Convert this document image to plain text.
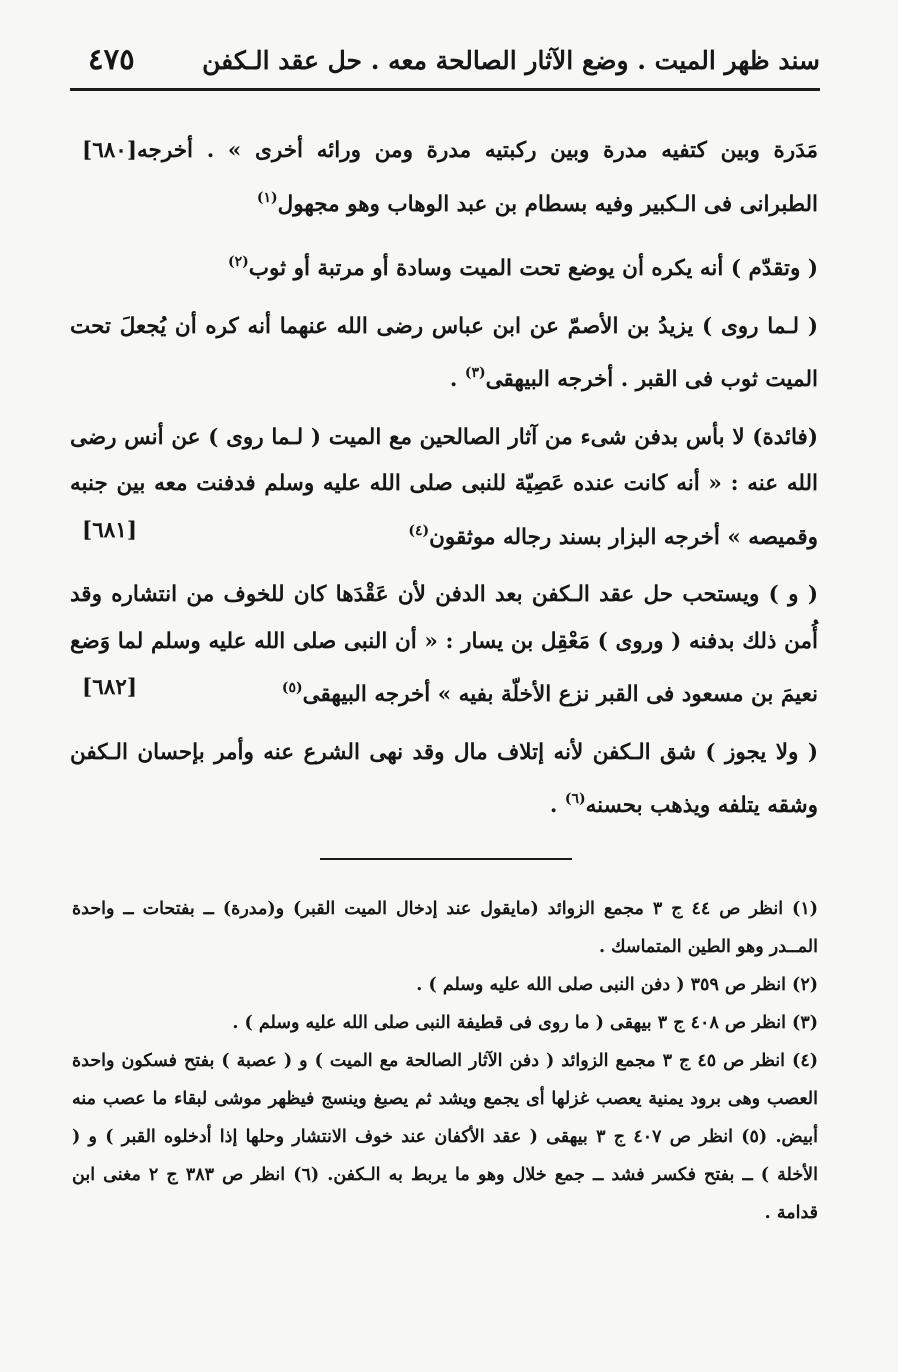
سند ظهر الميت . وضع الآثار الصالحة معه . حل عقد الـكفن
٤٧٥

[٦٨٠] مَدَرة وبين كتفيه مدرة وبين ركبتيه مدرة ومن ورائه أخرى » . أخرجه الطبرانى فى الـكبير وفيه بسطام بن عبد الوهاب وهو مجهول$^{(١)}$

( وتقدّم ) أنه يكره أن يوضع تحت الميت وسادة أو مرتبة أو ثوب$^{(٢)}$

( لـما روى ) يزيدُ بن الأصمّ عن ابن عباس رضى الله عنهما أنه كره أن يُجعلَ تحت الميت ثوب فى القبر . أخرجه البيهقى$^{(٣)}$ .

(فائدة) لا بأس بدفن شىء من آثار الصالحين مع الميت ( لـما روى ) عن أنس رضى الله عنه : « أنه كانت عنده عَصِيّة للنبى صلى الله عليه وسلم فدفنت معه بين جنبه وقميصه » أخرجه البزار بسند رجاله موثقون$^{(٤)}$
[٦٨١]

( و ) ويستحب حل عقد الـكفن بعد الدفن لأن عَقْدَها كان للخوف من انتشاره وقد أُمن ذلك بدفنه ( وروى ) مَعْقِل بن يسار : « أن النبى صلى الله عليه وسلم لما وَضع نعيمَ بن مسعود فى القبر نزع الأخلّة بفيه » أخرجه البيهقى$^{(٥)}$
[٦٨٢]

( ولا يجوز ) شق الـكفن لأنه إتلاف مال وقد نهى الشرع عنه وأمر بإحسان الـكفن وشقه يتلفه ويذهب بحسنه$^{(٦)}$ .

(١) انظر ص ٤٤ ج ٣ مجمع الزوائد (مايقول عند إدخال الميت القبر) و(مدرة) ــ بفتحات ــ واحدة المــدر وهو الطين المتماسك .

(٢) انظر ص ٣٥٩ ( دفن النبى صلى الله عليه وسلم ) .

(٣) انظر ص ٤٠٨ ج ٣ بيهقى ( ما روى فى قطيفة النبى صلى الله عليه وسلم ) .

(٤) انظر ص ٤٥ ج ٣ مجمع الزوائد ( دفن الآثار الصالحة مع الميت ) و ( عصبة ) بفتح فسكون واحدة العصب وهى برود يمنية يعصب غزلها أى يجمع ويشد ثم يصبغ وينسج فيظهر موشى لبقاء ما عصب منه أبيض. (٥) انظر ص ٤٠٧ ج ٣ بيهقى ( عقد الأكفان عند خوف الانتشار وحلها إذا أدخلوه القبر ) و ( الأخلة ) ــ بفتح فكسر فشد ــ جمع خلال وهو ما يربط به الـكفن. (٦) انظر ص ٣٨٣ ج ٢ مغنى ابن قدامة .
